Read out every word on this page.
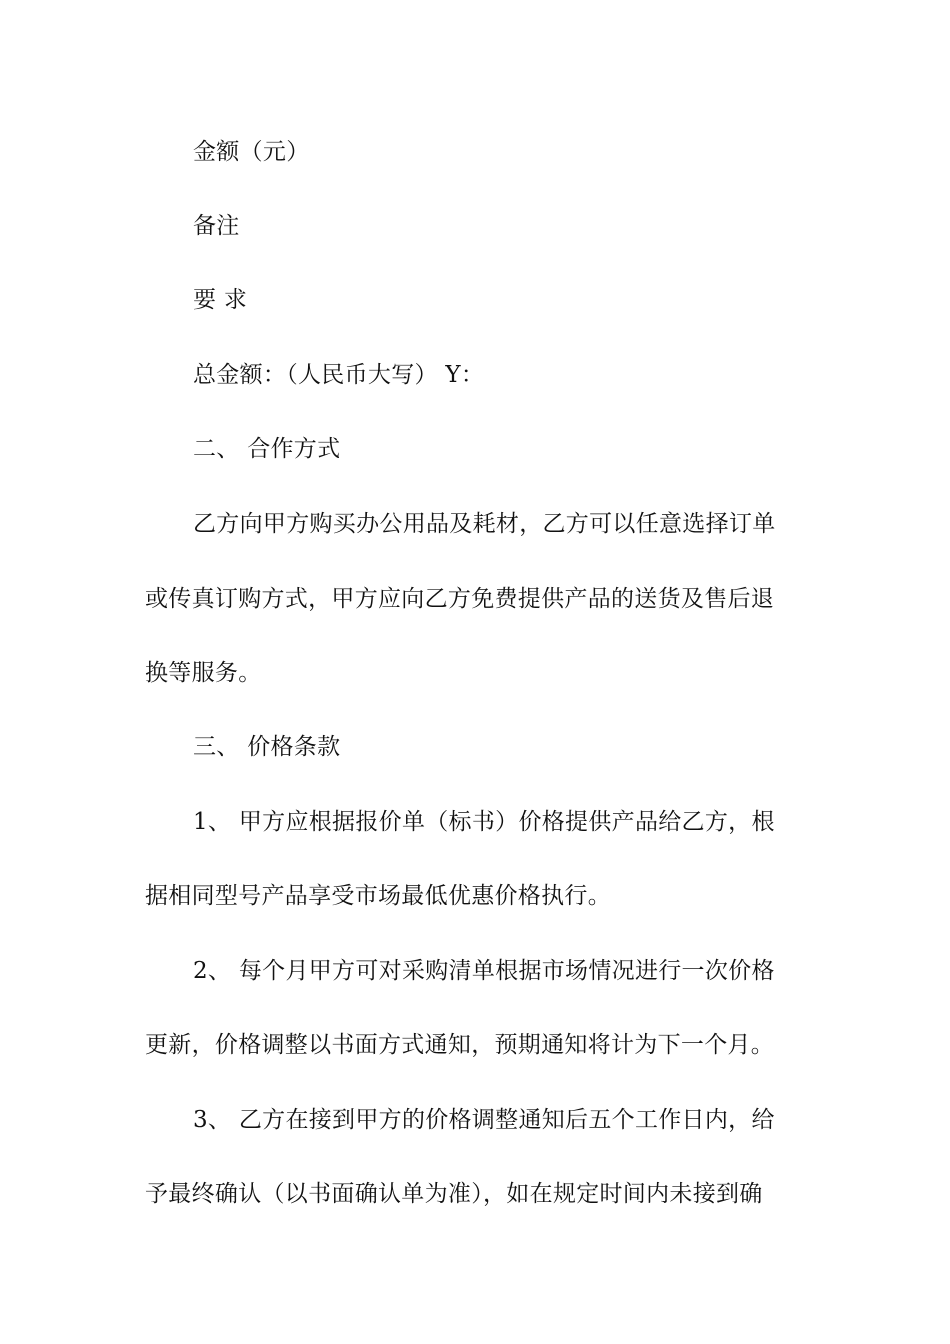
金额（元）
备注
要 求
总金额：（人民币大写） Y：
二、 合作方式
乙方向甲方购买办公用品及耗材，乙方可以任意选择订单
或传真订购方式，甲方应向乙方免费提供产品的送货及售后退
换等服务。
三、 价格条款
1、 甲方应根据报价单（标书）价格提供产品给乙方，根
据相同型号产品享受市场最低优惠价格执行。
2、 每个月甲方可对采购清单根据市场情况进行一次价格
更新，价格调整以书面方式通知，预期通知将计为下一个月。
3、 乙方在接到甲方的价格调整通知后五个工作日内，给
予最终确认（以书面确认单为准），如在规定时间内未接到确
